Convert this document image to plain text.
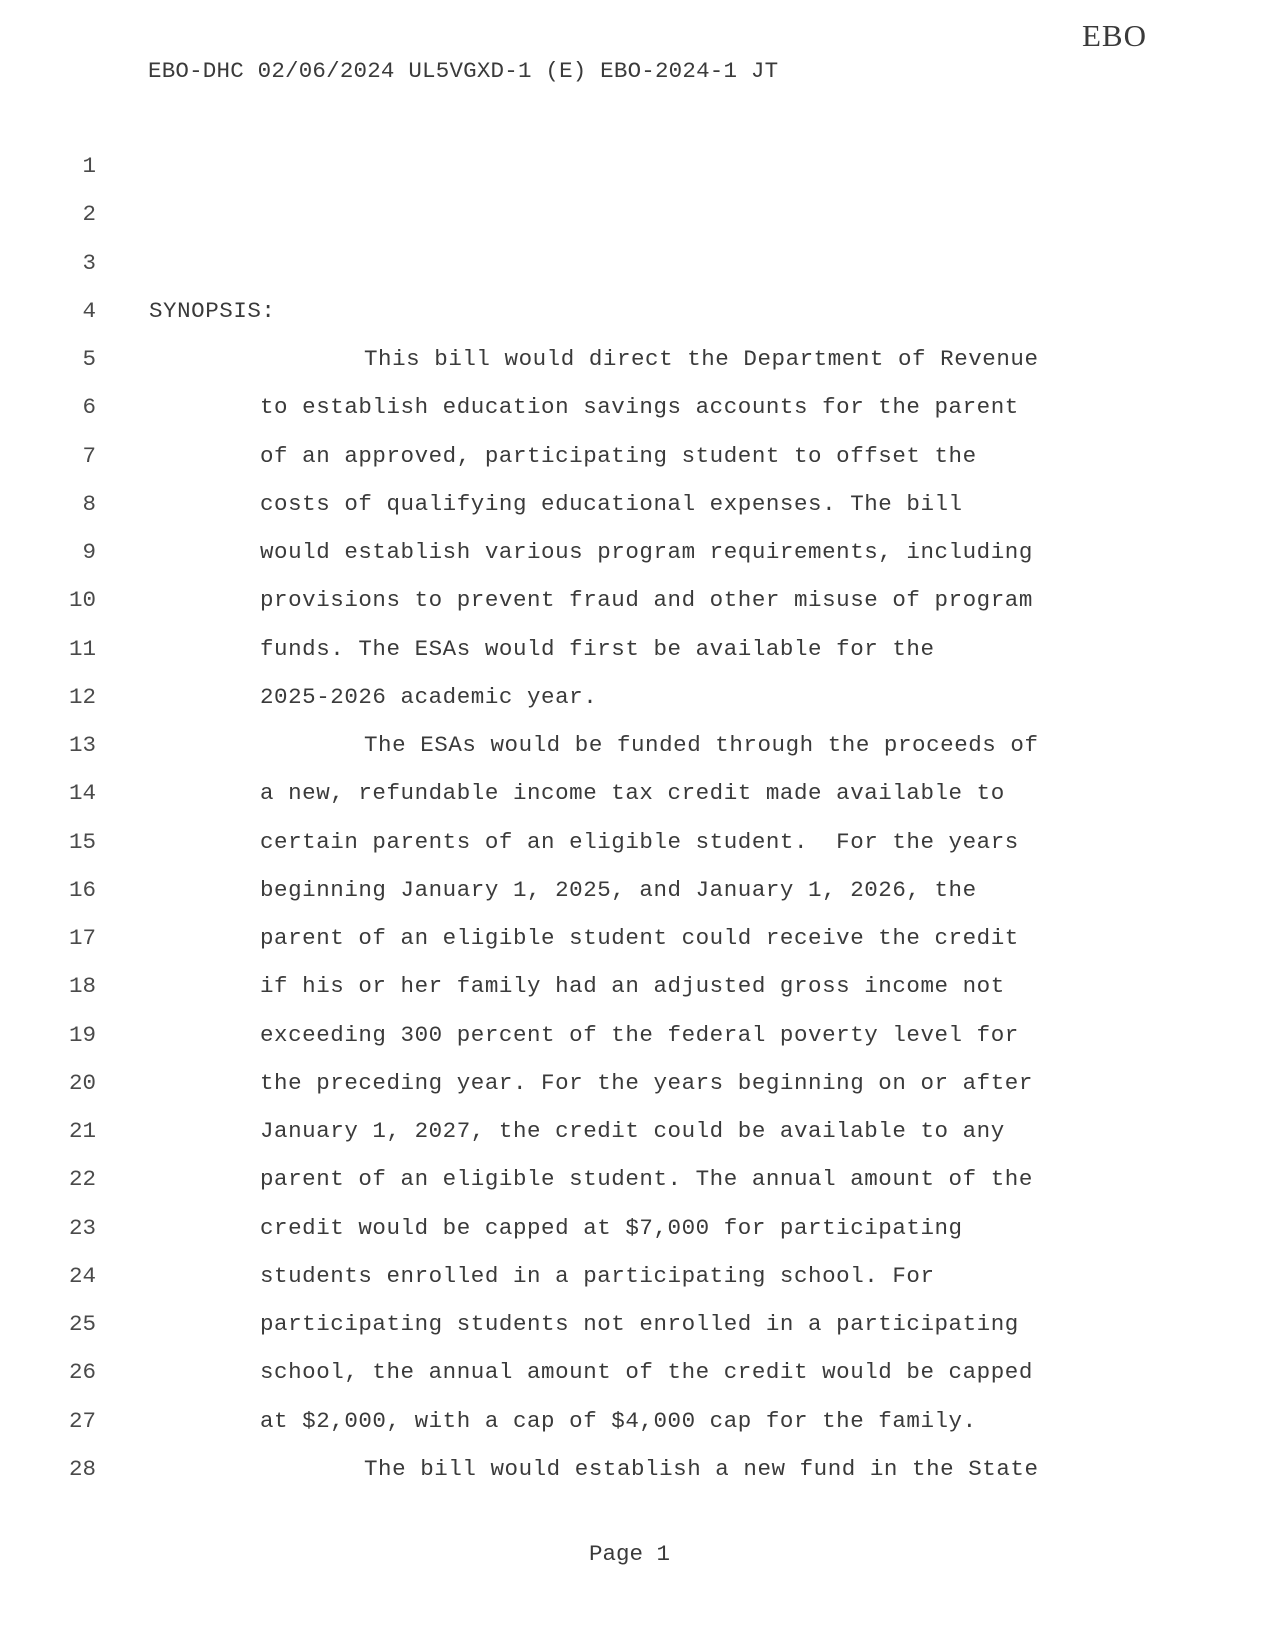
EBO
EBO-DHC 02/06/2024 UL5VGXD-1 (E) EBO-2024-1 JT
1
2
3
4 SYNOPSIS:
5	This bill would direct the Department of Revenue
6	to establish education savings accounts for the parent
7	of an approved, participating student to offset the
8	costs of qualifying educational expenses. The bill
9	would establish various program requirements, including
10	provisions to prevent fraud and other misuse of program
11	funds. The ESAs would first be available for the
12	2025-2026 academic year.
13	The ESAs would be funded through the proceeds of
14	a new, refundable income tax credit made available to
15	certain parents of an eligible student.  For the years
16	beginning January 1, 2025, and January 1, 2026, the
17	parent of an eligible student could receive the credit
18	if his or her family had an adjusted gross income not
19	exceeding 300 percent of the federal poverty level for
20	the preceding year. For the years beginning on or after
21	January 1, 2027, the credit could be available to any
22	parent of an eligible student. The annual amount of the
23	credit would be capped at $7,000 for participating
24	students enrolled in a participating school. For
25	participating students not enrolled in a participating
26	school, the annual amount of the credit would be capped
27	at $2,000, with a cap of $4,000 cap for the family.
28	The bill would establish a new fund in the State
Page 1
